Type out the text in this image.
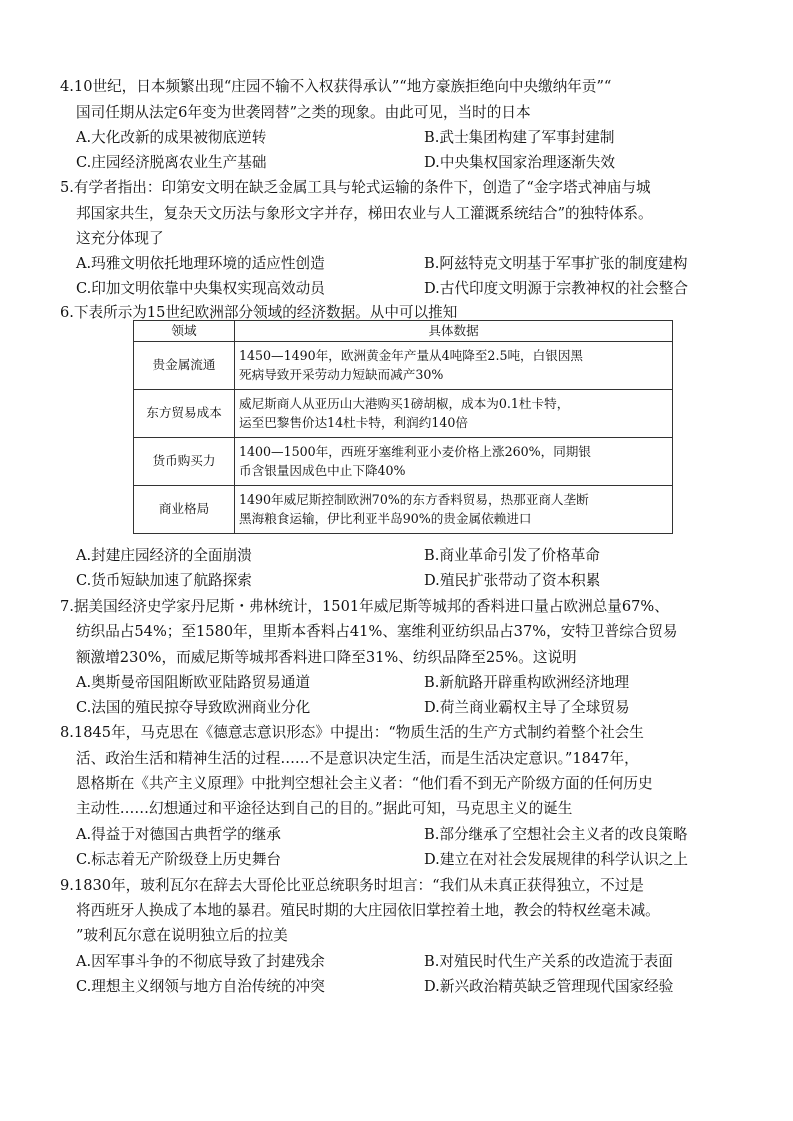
4.10世纪，日本频繁出现“庄园不输不入权获得承认”“地方豪族拒绝向中央缴纳年贡”“
国司任期从法定6年变为世袭罔替”之类的现象。由此可见，当时的日本
A.大化改新的成果被彻底逆转	B.武士集团构建了军事封建制
C.庄园经济脱离农业生产基础	D.中央集权国家治理逐渐失效
5.有学者指出：印第安文明在缺乏金属工具与轮式运输的条件下，创造了“金字塔式神庙与城
邦国家共生，复杂天文历法与象形文字并存，梯田农业与人工灌溉系统结合”的独特体系。
这充分体现了
A.玛雅文明依托地理环境的适应性创造	B.阿兹特克文明基于军事扩张的制度建构
C.印加文明依靠中央集权实现高效动员	D.古代印度文明源于宗教神权的社会整合
6.下表所示为15世纪欧洲部分领域的经济数据。从中可以推知
领域	具体数据
贵金属流通	1450—1490年，欧洲黄金年产量从4吨降至2.5吨，白银因黑
死病导致开采劳动力短缺而减产30%

东方贸易成本	威尼斯商人从亚历山大港购买1磅胡椒，成本为0.1杜卡特，
运至巴黎售价达14杜卡特，利润约140倍

货币购买力	1400—1500年，西班牙塞维利亚小麦价格上涨260%，同期银
币含银量因成色中止下降40%

商业格局	1490年威尼斯控制欧洲70%的东方香料贸易，热那亚商人垄断
黑海粮食运输，伊比利亚半岛90%的贵金属依赖进口
A.封建庄园经济的全面崩溃	B.商业革命引发了价格革命
C.货币短缺加速了航路探索	D.殖民扩张带动了资本积累
7.据美国经济史学家丹尼斯・弗林统计，1501年威尼斯等城邦的香料进口量占欧洲总量67%、
纺织品占54%；至1580年，里斯本香料占41%、塞维利亚纺织品占37%，安特卫普综合贸易
额激增230%，而威尼斯等城邦香料进口降至31%、纺织品降至25%。这说明
A.奥斯曼帝国阻断欧亚陆路贸易通道	B.新航路开辟重构欧洲经济地理
C.法国的殖民掠夺导致欧洲商业分化	D.荷兰商业霸权主导了全球贸易
8.1845年，马克思在《德意志意识形态》中提出：“物质生活的生产方式制约着整个社会生
活、政治生活和精神生活的过程……不是意识决定生活，而是生活决定意识。”1847年，
恩格斯在《共产主义原理》中批判空想社会主义者：“他们看不到无产阶级方面的任何历史
主动性……幻想通过和平途径达到自己的目的。”据此可知，马克思主义的诞生
A.得益于对德国古典哲学的继承	B.部分继承了空想社会主义者的改良策略
C.标志着无产阶级登上历史舞台	D.建立在对社会发展规律的科学认识之上
9.1830年，玻利瓦尔在辞去大哥伦比亚总统职务时坦言：“我们从未真正获得独立，不过是
将西班牙人换成了本地的暴君。殖民时期的大庄园依旧掌控着土地，教会的特权丝毫未减。
”玻利瓦尔意在说明独立后的拉美
A.因军事斗争的不彻底导致了封建残余	B.对殖民时代生产关系的改造流于表面
C.理想主义纲领与地方自治传统的冲突	D.新兴政治精英缺乏管理现代国家经验
